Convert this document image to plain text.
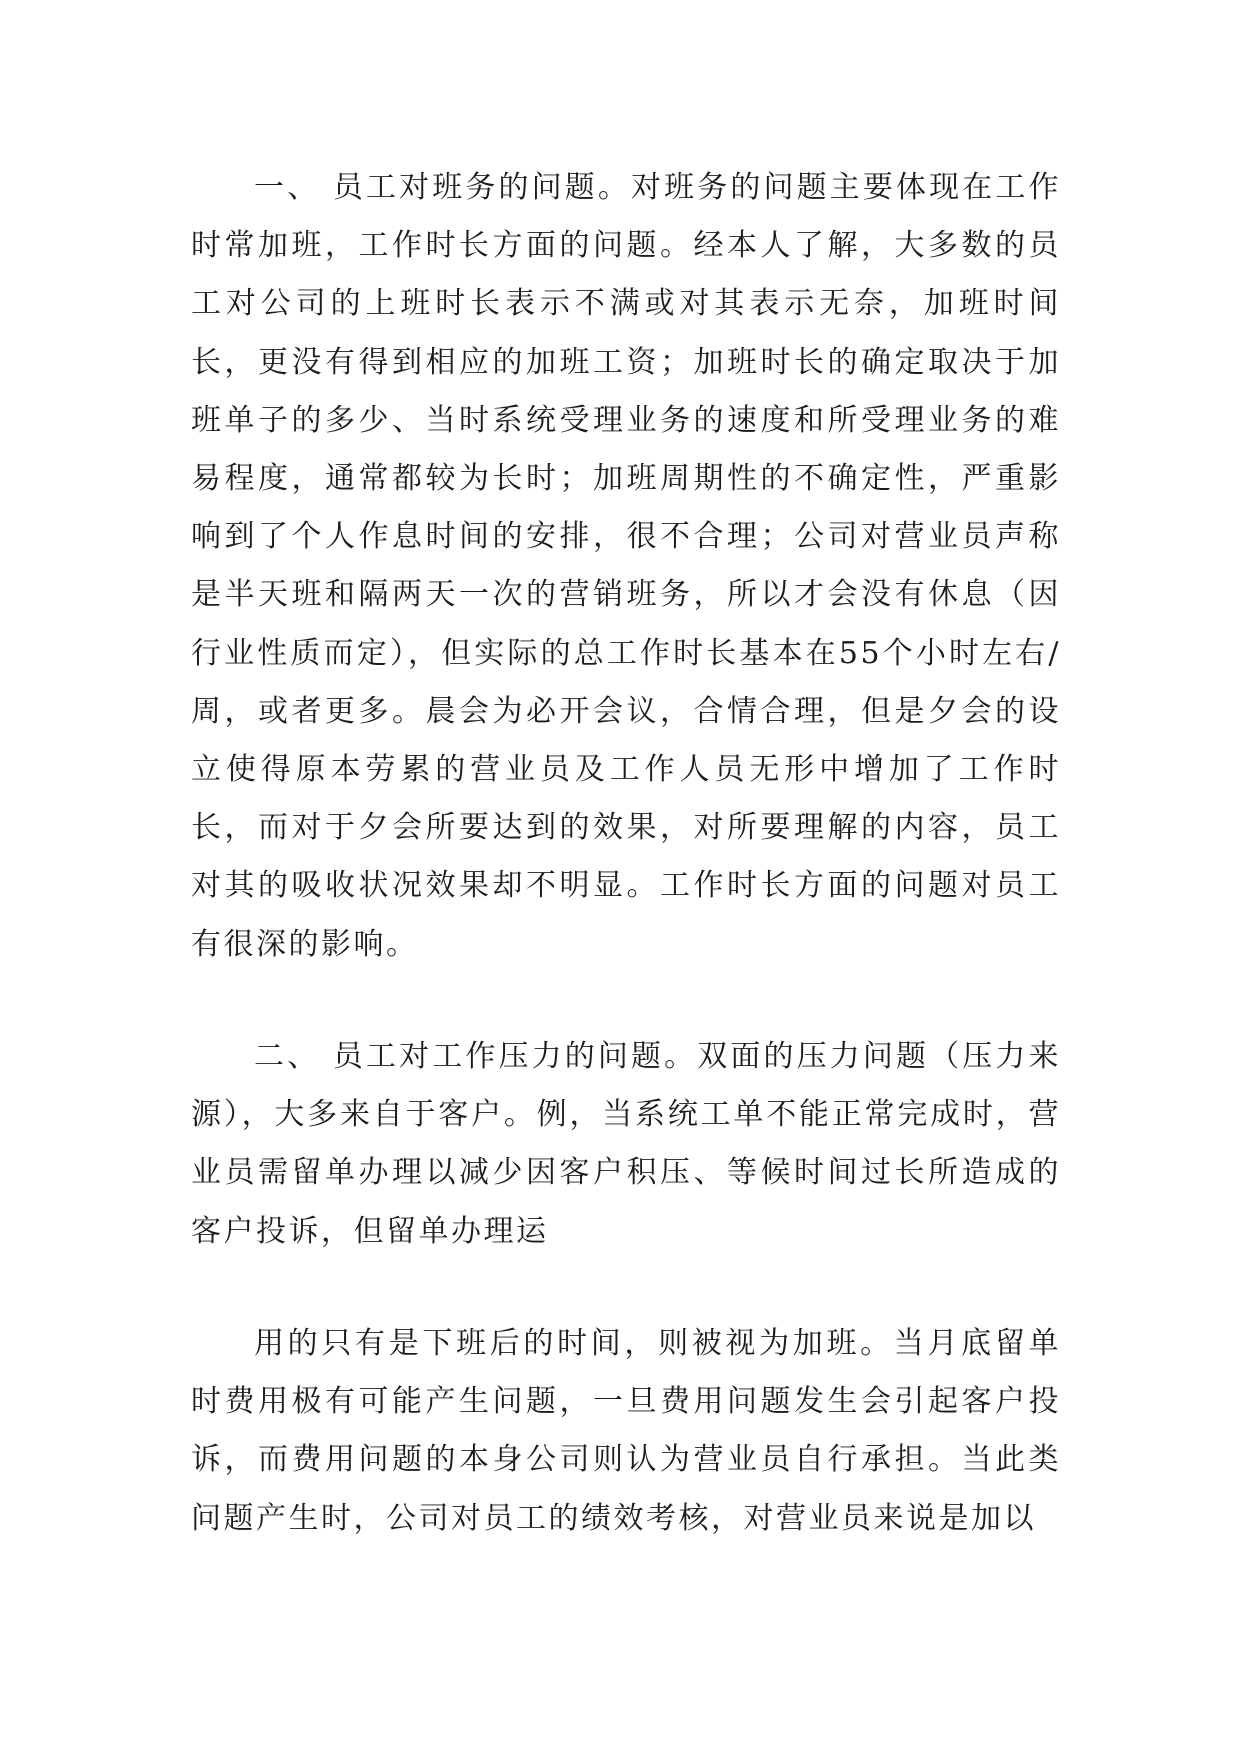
一、 员工对班务的问题。对班务的问题主要体现在工作时常加班，工作时长方面的问题。经本人了解，大多数的员工对公司的上班时长表示不满或对其表示无奈，加班时间长，更没有得到相应的加班工资；加班时长的确定取决于加班单子的多少、当时系统受理业务的速度和所受理业务的难易程度，通常都较为长时；加班周期性的不确定性，严重影响到了个人作息时间的安排，很不合理；公司对营业员声称是半天班和隔两天一次的营销班务，所以才会没有休息（因行业性质而定），但实际的总工作时长基本在55个小时左右/周，或者更多。晨会为必开会议，合情合理，但是夕会的设立使得原本劳累的营业员及工作人员无形中增加了工作时长，而对于夕会所要达到的效果，对所要理解的内容，员工对其的吸收状况效果却不明显。工作时长方面的问题对员工有很深的影响。

二、 员工对工作压力的问题。双面的压力问题（压力来源），大多来自于客户。例，当系统工单不能正常完成时，营业员需留单办理以减少因客户积压、等候时间过长所造成的客户投诉，但留单办理运

用的只有是下班后的时间，则被视为加班。当月底留单时费用极有可能产生问题，一旦费用问题发生会引起客户投诉，而费用问题的本身公司则认为营业员自行承担。当此类问题产生时，公司对员工的绩效考核，对营业员来说是加以
